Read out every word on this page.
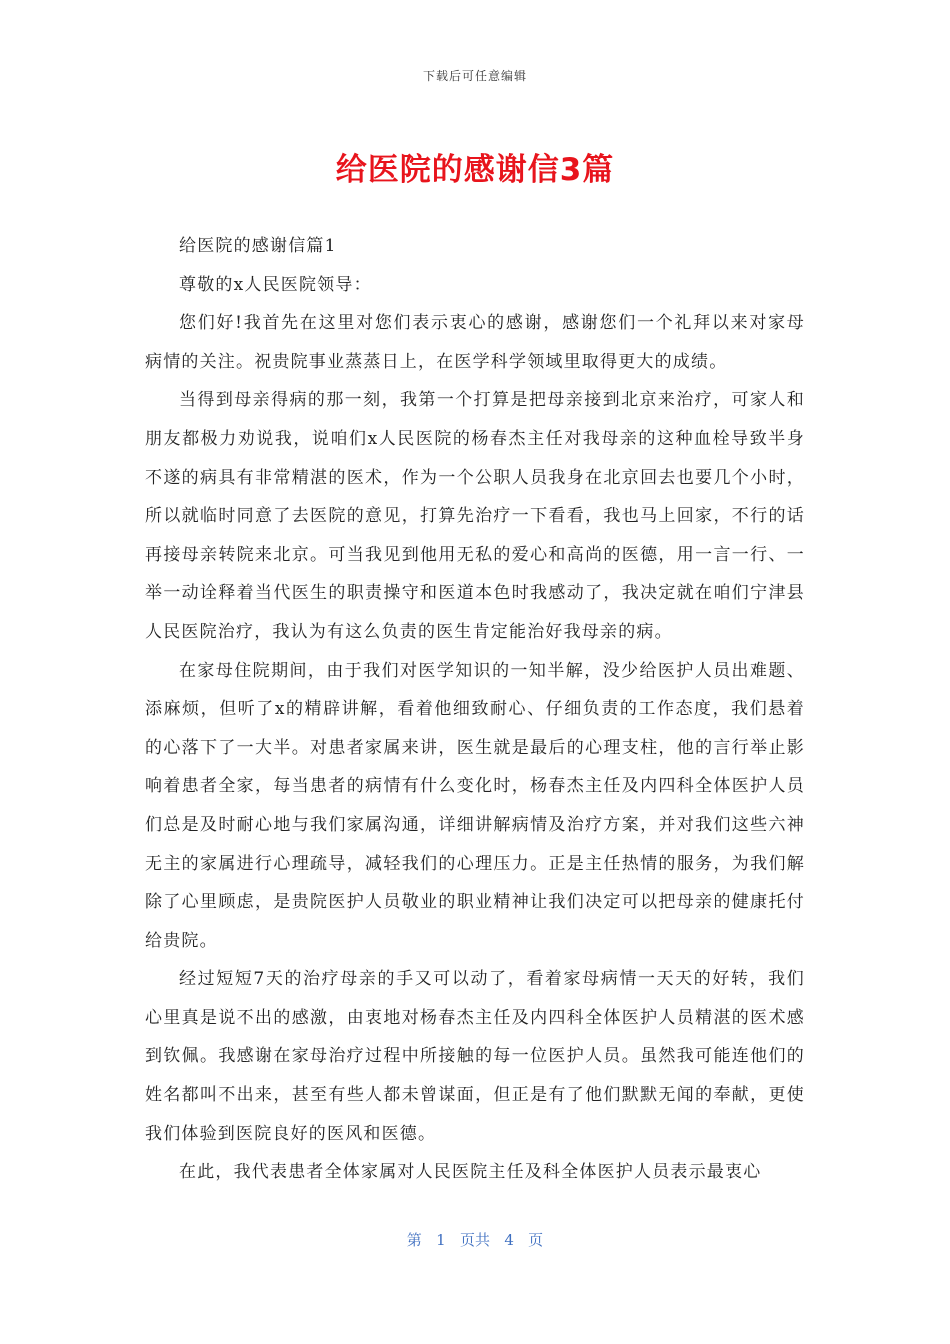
下载后可任意编辑
给医院的感谢信3篇

给医院的感谢信篇1

尊敬的x人民医院领导：

您们好!我首先在这里对您们表示衷心的感谢，感谢您们一个礼拜以来对家母病情的关注。祝贵院事业蒸蒸日上，在医学科学领域里取得更大的成绩。

当得到母亲得病的那一刻，我第一个打算是把母亲接到北京来治疗，可家人和朋友都极力劝说我，说咱们x人民医院的杨春杰主任对我母亲的这种血栓导致半身不遂的病具有非常精湛的医术，作为一个公职人员我身在北京回去也要几个小时，所以就临时同意了去医院的意见，打算先治疗一下看看，我也马上回家，不行的话再接母亲转院来北京。可当我见到他用无私的爱心和高尚的医德，用一言一行、一举一动诠释着当代医生的职责操守和医道本色时我感动了，我决定就在咱们宁津县人民医院治疗，我认为有这么负责的医生肯定能治好我母亲的病。

在家母住院期间，由于我们对医学知识的一知半解，没少给医护人员出难题、添麻烦，但听了x的精辟讲解，看着他细致耐心、仔细负责的工作态度，我们悬着的心落下了一大半。对患者家属来讲，医生就是最后的心理支柱，他的言行举止影响着患者全家，每当患者的病情有什么变化时，杨春杰主任及内四科全体医护人员们总是及时耐心地与我们家属沟通，详细讲解病情及治疗方案，并对我们这些六神无主的家属进行心理疏导，减轻我们的心理压力。正是主任热情的服务，为我们解除了心里顾虑，是贵院医护人员敬业的职业精神让我们决定可以把母亲的健康托付给贵院。

经过短短7天的治疗母亲的手又可以动了，看着家母病情一天天的好转，我们心里真是说不出的感激，由衷地对杨春杰主任及内四科全体医护人员精湛的医术感到钦佩。我感谢在家母治疗过程中所接触的每一位医护人员。虽然我可能连他们的姓名都叫不出来，甚至有些人都未曾谋面，但正是有了他们默默无闻的奉献，更使我们体验到医院良好的医风和医德。

在此，我代表患者全体家属对人民医院主任及科全体医护人员表示最衷心

第 1 页共 4 页
